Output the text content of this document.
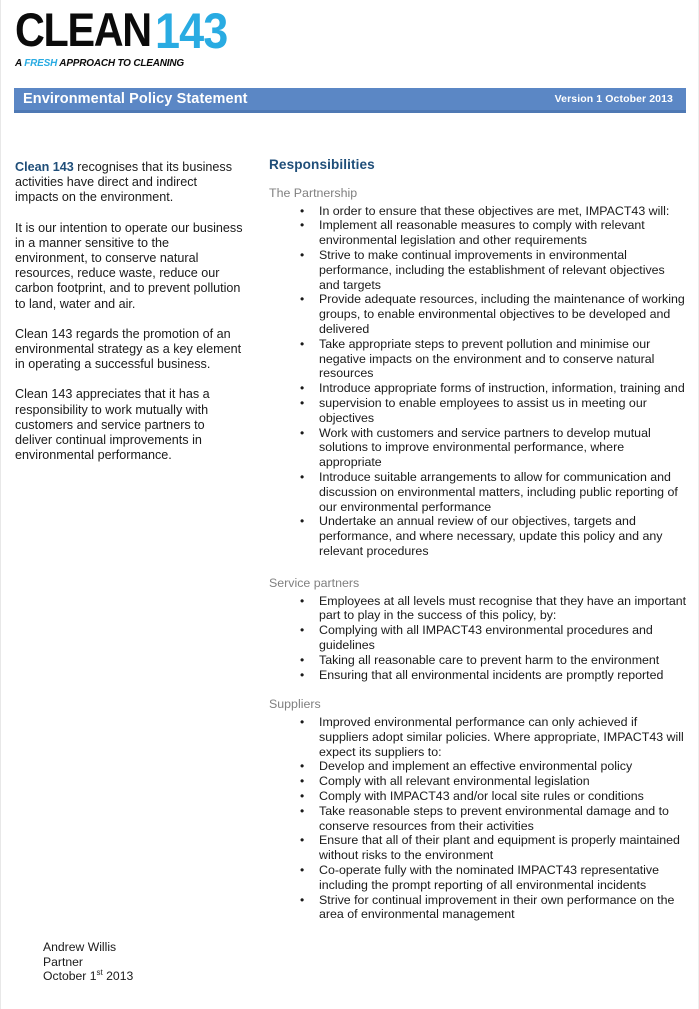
CLEAN 143
A FRESH APPROACH TO CLEANING
Environmental Policy Statement	Version 1 October 2013

Clean 143 recognises that its business activities have direct and indirect impacts on the environment.

It is our intention to operate our business in a manner sensitive to the environment, to conserve natural resources, reduce waste, reduce our carbon footprint, and to prevent pollution to land, water and air.

Clean 143 regards the promotion of an environmental strategy as a key element in operating a successful business.

Clean 143 appreciates that it has a responsibility to work mutually with customers and service partners to deliver continual improvements in environmental performance.

Responsibilities
The Partnership
• In order to ensure that these objectives are met, IMPACT43 will:
• Implement all reasonable measures to comply with relevant environmental legislation and other requirements
• Strive to make continual improvements in environmental performance, including the establishment of relevant objectives and targets
• Provide adequate resources, including the maintenance of working groups, to enable environmental objectives to be developed and delivered
• Take appropriate steps to prevent pollution and minimise our negative impacts on the environment and to conserve natural resources
• Introduce appropriate forms of instruction, information, training and
• supervision to enable employees to assist us in meeting our objectives
• Work with customers and service partners to develop mutual solutions to improve environmental performance, where appropriate
• Introduce suitable arrangements to allow for communication and discussion on environmental matters, including public reporting of our environmental performance
• Undertake an annual review of our objectives, targets and performance, and where necessary, update this policy and any relevant procedures
Service partners
• Employees at all levels must recognise that they have an important part to play in the success of this policy, by:
• Complying with all IMPACT43 environmental procedures and guidelines
• Taking all reasonable care to prevent harm to the environment
• Ensuring that all environmental incidents are promptly reported
Suppliers
• Improved environmental performance can only achieved if suppliers adopt similar policies. Where appropriate, IMPACT43 will expect its suppliers to:
• Develop and implement an effective environmental policy
• Comply with all relevant environmental legislation
• Comply with IMPACT43 and/or local site rules or conditions
• Take reasonable steps to prevent environmental damage and to conserve resources from their activities
• Ensure that all of their plant and equipment is properly maintained without risks to the environment
• Co-operate fully with the nominated IMPACT43 representative including the prompt reporting of all environmental incidents
• Strive for continual improvement in their own performance on the area of environmental management
Andrew Willis
Partner
October 1st 2013
